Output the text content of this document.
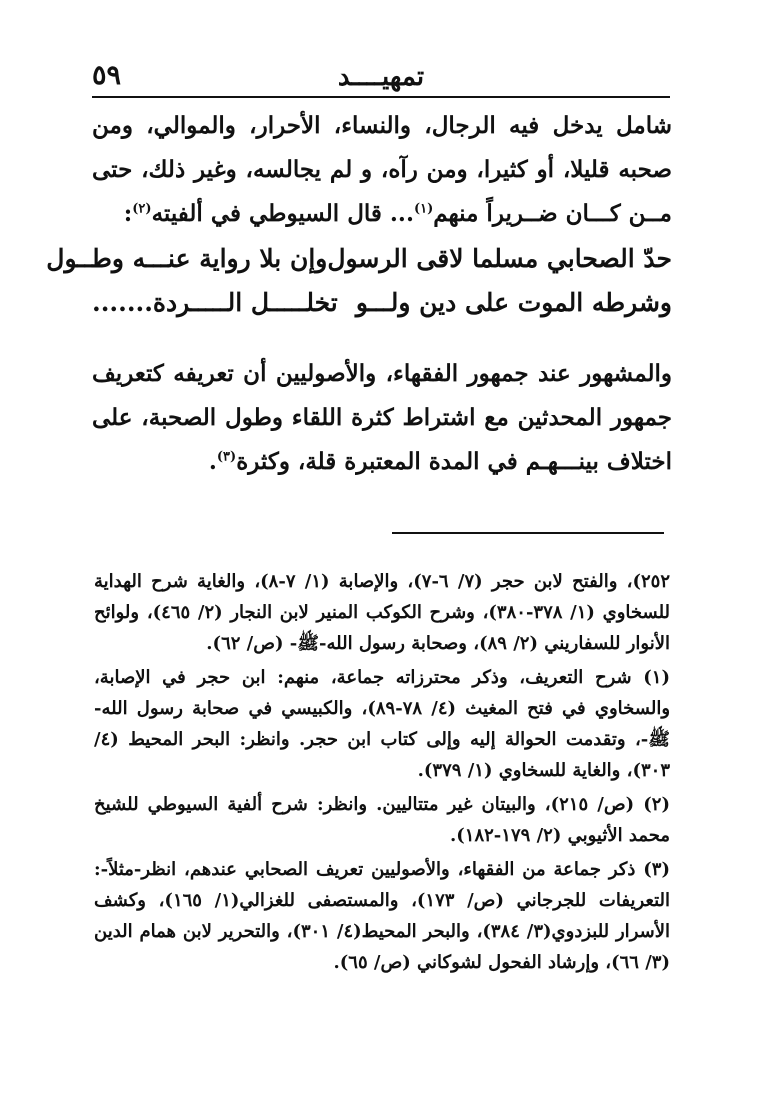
تمهيــــد
٥٩

شامل يدخل فيه الرجال، والنساء، الأحرار، والموالي، ومن صحبه قليلا، أو كثيرا، ومن رآه، و لم يجالسه، وغير ذلك، حتى مــن كـــان ضــريراً منهم$^{(١)}$... قال السيوطي في ألفيته$^{(٢)}$:

حدّ الصحابي مسلما لاقى الرسول
وإن بلا رواية عنـــه وطــول
وشرطه الموت على دين ولـــو
تخلـــــل الـــــردة.......

والمشهور عند جمهور الفقهاء، والأصوليين أن تعريفه كتعريف جمهور المحدثين مع اشتراط كثرة اللقاء وطول الصحبة، على اختلاف بينـــهـم في المدة المعتبرة قلة، وكثرة$^{(٣)}$.

٢٥٢)، والفتح لابن حجر (٧/ ٦-٧)، والإصابة (١/ ٧-٨)، والغاية شرح الهداية للسخاوي (١/ ٣٧٨-٣٨٠)، وشرح الكوكب المنير لابن النجار (٢/ ٤٦٥)، ولوائح الأنوار للسفاريني (٢/ ٨٩)، وصحابة رسول الله-ﷺ- (ص/ ٦٢).

(١) شرح التعريف، وذكر محترزاته جماعة، منهم: ابن حجر في الإصابة، والسخاوي في فتح المغيث (٤/ ٧٨-٨٩)، والكبيسي في صحابة رسول الله-ﷺ-، وتقدمت الحوالة إليه وإلى كتاب ابن حجر. وانظر: البحر المحيط (٤/ ٣٠٣)، والغاية للسخاوي (١/ ٣٧٩).

(٢) (ص/ ٢١٥)، والبيتان غير متتاليين. وانظر: شرح ألفية السيوطي للشيخ محمد الأثيوبي (٢/ ١٧٩-١٨٢).

(٣) ذكر جماعة من الفقهاء، والأصوليين تعريف الصحابي عندهم، انظر-مثلاً-: التعريفات للجرجاني (ص/ ١٧٣)، والمستصفى للغزالي(١/ ١٦٥)، وكشف الأسرار للبزدوي(٣/ ٣٨٤)، والبحر المحيط(٤/ ٣٠١)، والتحرير لابن همام الدين (٣/ ٦٦)، وإرشاد الفحول لشوكاني (ص/ ٦٥).
